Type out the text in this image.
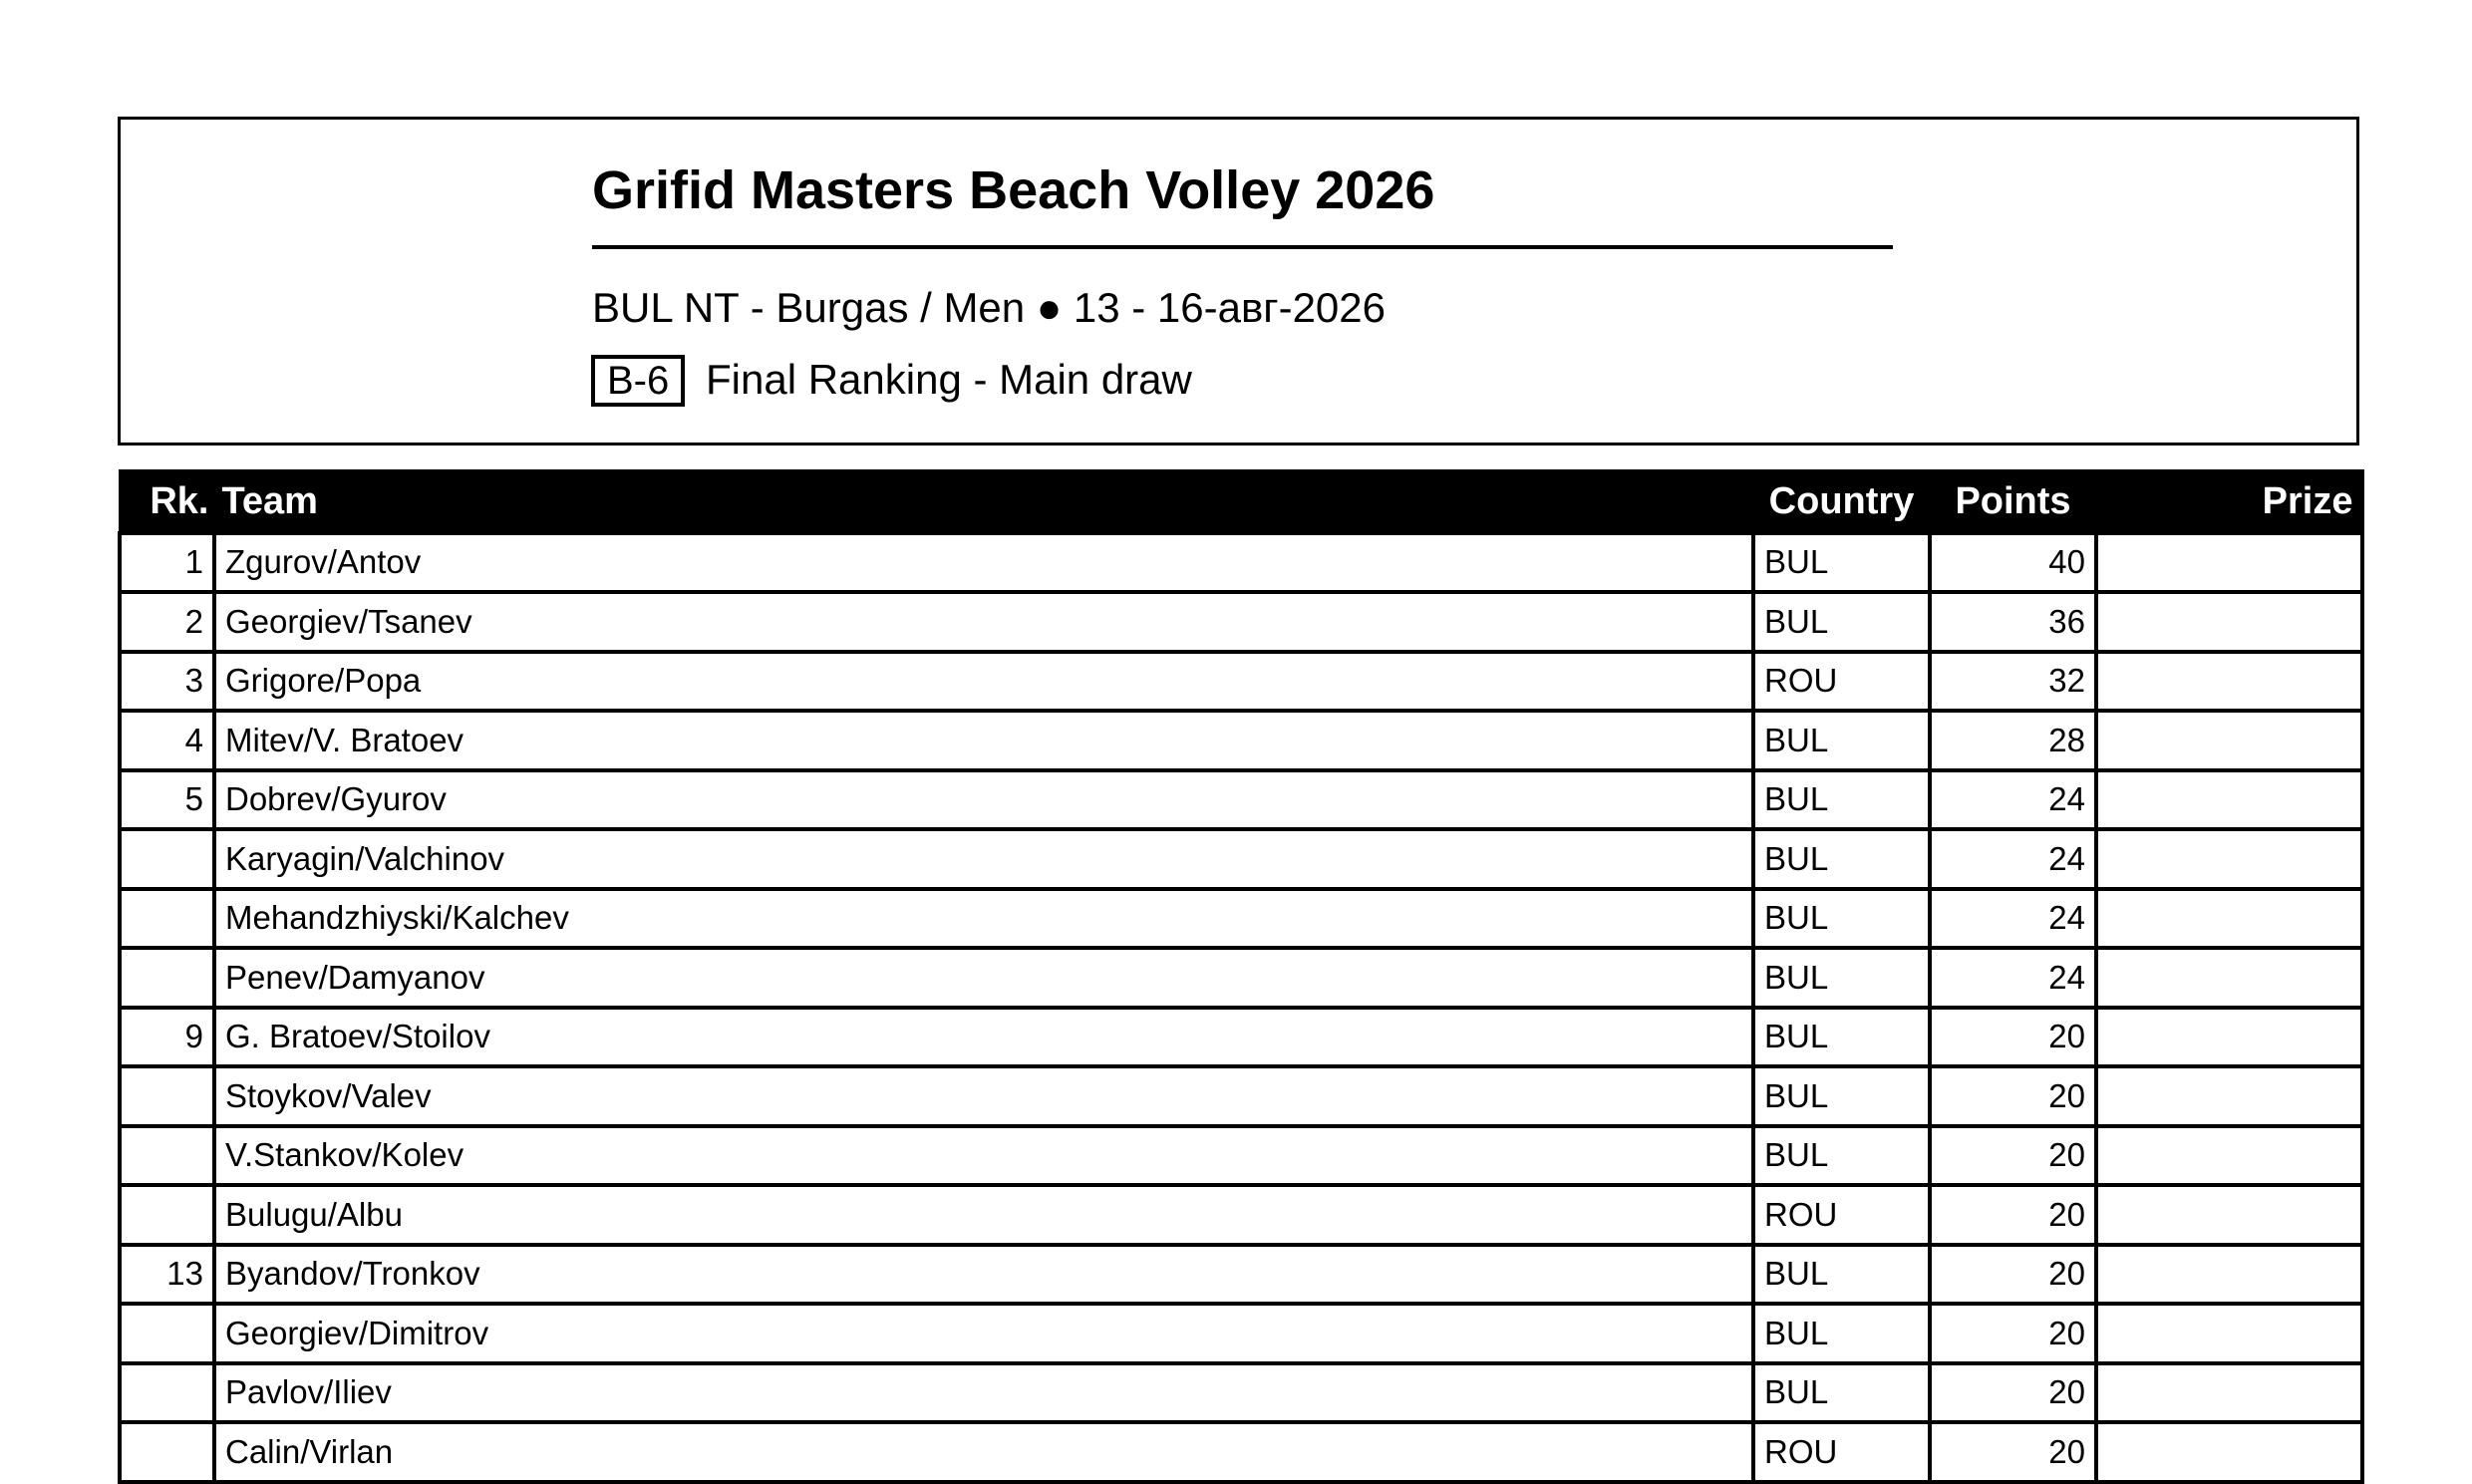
Grifid Masters Beach Volley 2026
BUL NT - Burgas / Men ● 13 - 16-авг-2026
B-6 Final Ranking - Main draw
Rk.	Team	Country	Points	Prize
1	Zgurov/Antov	BUL	40	
2	Georgiev/Tsanev	BUL	36	
3	Grigore/Popa	ROU	32	
4	Mitev/V. Bratoev	BUL	28	
5	Dobrev/Gyurov	BUL	24	
	Karyagin/Valchinov	BUL	24	
	Mehandzhiyski/Kalchev	BUL	24	
	Penev/Damyanov	BUL	24	
9	G. Bratoev/Stoilov	BUL	20	
	Stoykov/Valev	BUL	20	
	V.Stankov/Kolev	BUL	20	
	Bulugu/Albu	ROU	20	
13	Byandov/Tronkov	BUL	20	
	Georgiev/Dimitrov	BUL	20	
	Pavlov/Iliev	BUL	20	
	Calin/Virlan	ROU	20	
